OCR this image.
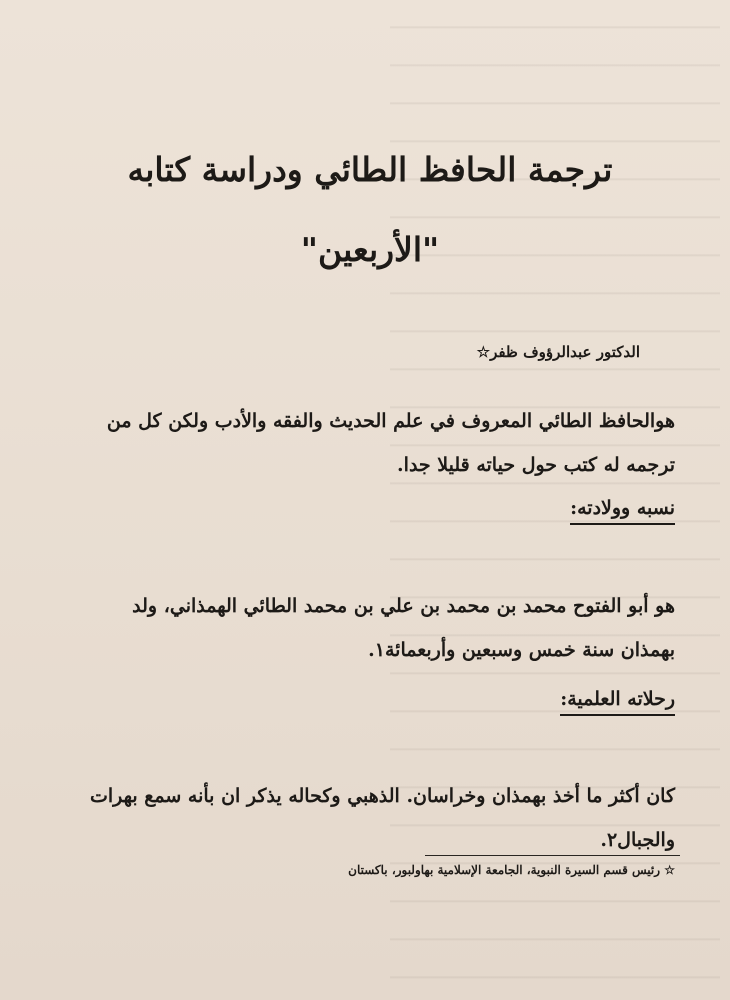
ترجمة الحافظ الطائي ودراسة كتابه
"الأربعين"
الدكتور عبدالرؤوف ظفر☆

هوالحافظ الطائي المعروف في علم الحديث والفقه والأدب ولكن كل من ترجمه له كتب حول حياته قليلا جدا.

نسبه وولادته:

هو أبو الفتوح محمد بن محمد بن علي بن محمد الطائي الهمذاني، ولد بهمذان سنة خمس وسبعين وأربعمائة١.

رحلاته العلمية:

كان أكثر ما أخذ بهمذان وخراسان. الذهبي وكحاله يذكر ان بأنه سمع بهرات والجبال٢.

☆ رئيس قسم السيرة النبوية، الجامعة الإسلامية بهاولبور، باكستان
